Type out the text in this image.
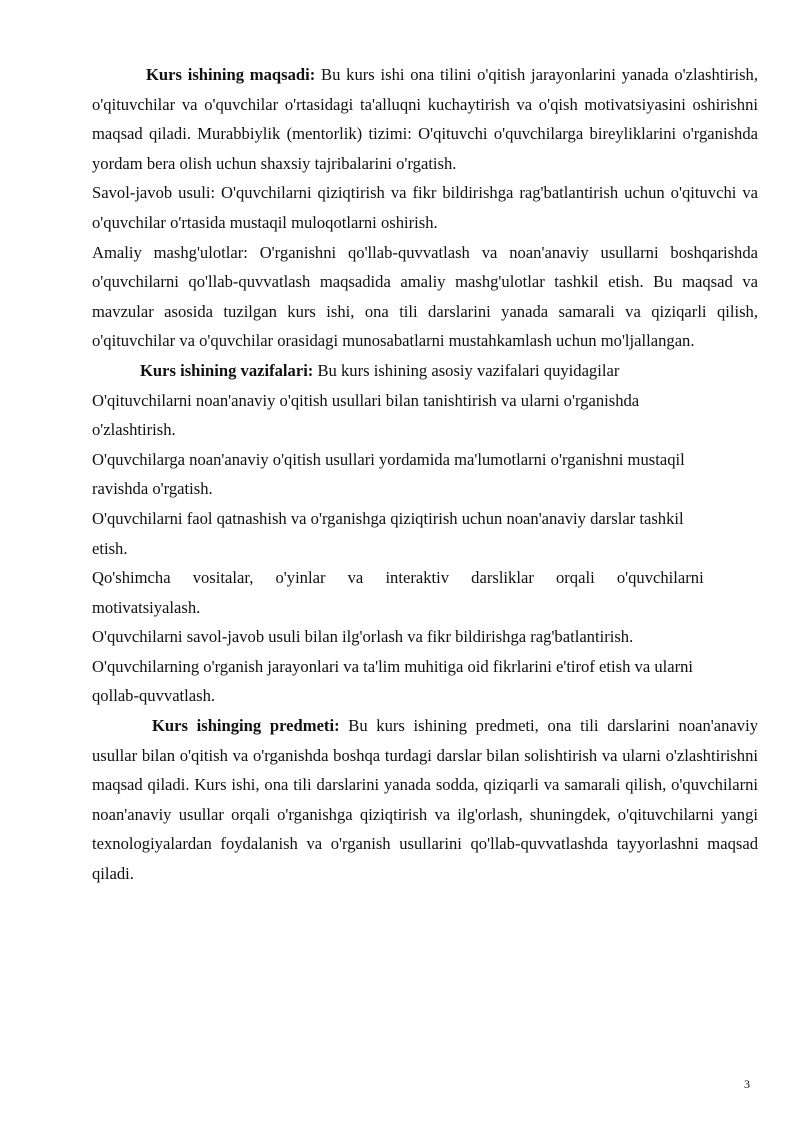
Kurs ishining maqsadi: Bu kurs ishi ona tilini o'qitish jarayonlarini yanada o'zlashtirish, o'qituvchilar va o'quvchilar o'rtasidagi ta'alluqni kuchaytirish va o'qish motivatsiyasini oshirishni maqsad qiladi. Murabbiylik (mentorlik) tizimi: O'qituvchi o'quvchilarga bireyliklarini o'rganishda yordam bera olish uchun shaxsiy tajribalarini o'rgatish.

Savol-javob usuli: O'quvchilarni qiziqtirish va fikr bildirishga rag'batlantirish uchun o'qituvchi va o'quvchilar o'rtasida mustaqil muloqotlarni oshirish.

Amaliy mashg'ulotlar: O'rganishni qo'llab-quvvatlash va noan'anaviy usullarni boshqarishda o'quvchilarni qo'llab-quvvatlash maqsadida amaliy mashg'ulotlar tashkil etish. Bu maqsad va mavzular asosida tuzilgan kurs ishi, ona tili darslarini yanada samarali va qiziqarli qilish, o'qituvchilar va o'quvchilar orasidagi munosabatlarni mustahkamlash uchun mo'ljallangan.

Kurs ishining vazifalari: Bu kurs ishining asosiy vazifalari quyidagilar

O'qituvchilarni noan'anaviy o'qitish usullari bilan tanishtirish va ularni o'rganishda o'zlashtirish.

O'quvchilarga noan'anaviy o'qitish usullari yordamida ma'lumotlarni o'rganishni mustaqil ravishda o'rgatish.

O'quvchilarni faol qatnashish va o'rganishga qiziqtirish uchun noan'anaviy darslar tashkil etish.

Qo'shimcha vositalar, o'yinlar va interaktiv darsliklar orqali o'quvchilarni motivatsiyalash.

O'quvchilarni savol-javob usuli bilan ilg'orlash va fikr bildirishga rag'batlantirish.

O'quvchilarning o'rganish jarayonlari va ta'lim muhitiga oid fikrlarini e'tirof etish va ularni qollab-quvvatlash.

Kurs ishinging predmeti: Bu kurs ishining predmeti, ona tili darslarini noan'anaviy usullar bilan o'qitish va o'rganishda boshqa turdagi darslar bilan solishtirish va ularni o'zlashtirishni maqsad qiladi. Kurs ishi, ona tili darslarini yanada sodda, qiziqarli va samarali qilish, o'quvchilarni noan'anaviy usullar orqali o'rganishga qiziqtirish va ilg'orlash, shuningdek, o'qituvchilarni yangi texnologiyalardan foydalanish va o'rganish usullarini qo'llab-quvvatlashda tayyorlashni maqsad qiladi.

3
